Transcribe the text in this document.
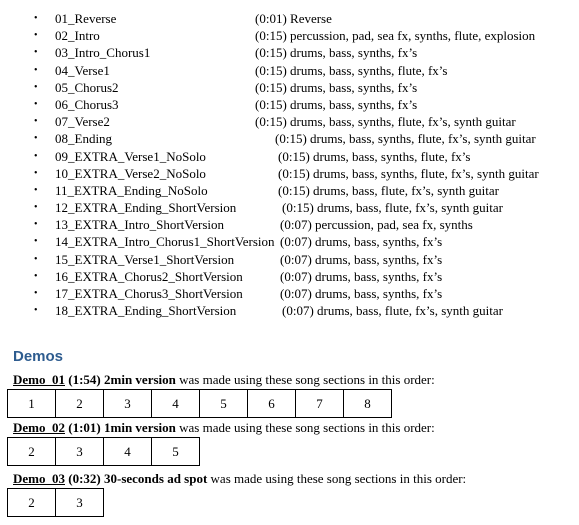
• 01_Reverse	(0:01) Reverse
• 02_Intro	(0:15) percussion, pad, sea fx, synths, flute, explosion
• 03_Intro_Chorus1	(0:15) drums, bass, synths, fx’s
• 04_Verse1	(0:15) drums, bass, synths, flute, fx’s
• 05_Chorus2	(0:15) drums, bass, synths, fx’s
• 06_Chorus3	(0:15) drums, bass, synths, fx’s
• 07_Verse2	(0:15) drums, bass, synths, flute, fx’s, synth guitar
• 08_Ending	(0:15) drums, bass, synths, flute, fx’s, synth guitar
• 09_EXTRA_Verse1_NoSolo	(0:15) drums, bass, synths, flute, fx’s
• 10_EXTRA_Verse2_NoSolo	(0:15) drums, bass, synths, flute, fx’s, synth guitar
• 11_EXTRA_Ending_NoSolo	(0:15) drums, bass, flute, fx’s, synth guitar
• 12_EXTRA_Ending_ShortVersion	(0:15) drums, bass, flute, fx’s, synth guitar
• 13_EXTRA_Intro_ShortVersion	(0:07) percussion, pad, sea fx, synths
• 14_EXTRA_Intro_Chorus1_ShortVersion (0:07) drums, bass, synths, fx’s
• 15_EXTRA_Verse1_ShortVersion	(0:07) drums, bass, synths, fx’s
• 16_EXTRA_Chorus2_ShortVersion	(0:07) drums, bass, synths, fx’s
• 17_EXTRA_Chorus3_ShortVersion	(0:07) drums, bass, synths, fx’s
• 18_EXTRA_Ending_ShortVersion	(0:07) drums, bass, flute, fx’s, synth guitar
Demos
Demo_01 (1:54) 2min version was made using these song sections in this order:
1	2	3	4	5	6	7	8
Demo_02 (1:01) 1min version was made using these song sections in this order:
2	3	4	5
Demo_03 (0:32) 30-seconds ad spot was made using these song sections in this order:
2	3
